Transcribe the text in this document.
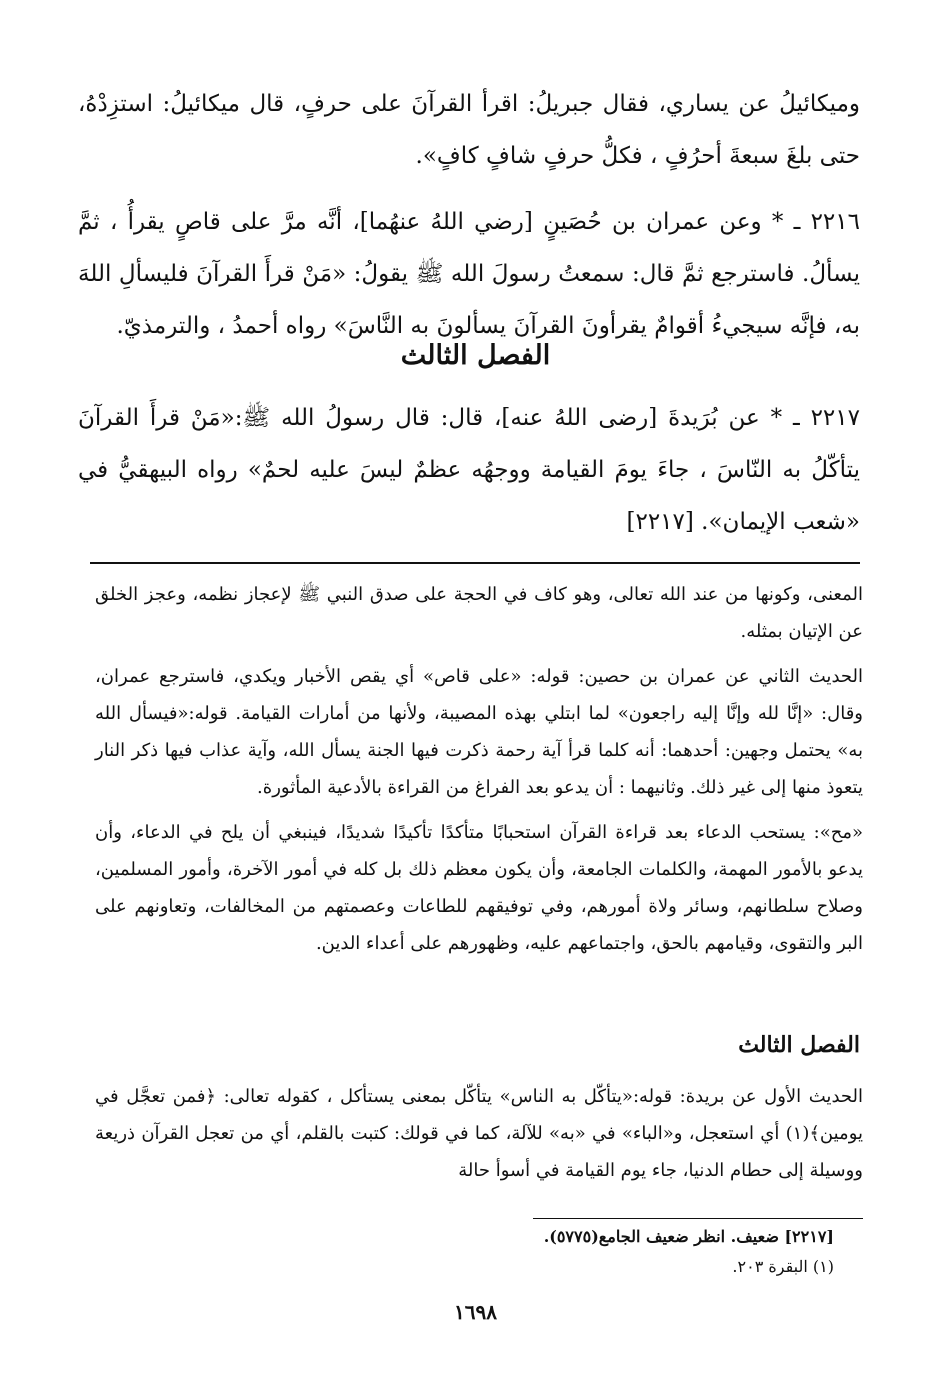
وميكائيلُ عن يساري، فقال جبريلُ: اقرأ القرآنَ على حرفٍ، قال ميكائيلُ: استزِدْهُ، حتى بلغَ سبعةَ أحرُفٍ ، فكلُّ حرفٍ شافٍ كافٍ».

٢٢١٦ ـ * وعن عمران بن حُصَينٍ [رضي اللهُ عنهُما]، أنَّه مرَّ على قاصٍ يقرأُ ، ثمَّ يسألُ. فاسترجع ثمَّ قال: سمعتُ رسولَ الله ﷺ يقولُ: «مَنْ قرأَ القرآنَ فليسألِ اللهَ به، فإنَّه سيجيءُ أقوامٌ يقرأونَ القرآنَ يسألونَ به النَّاسَ» رواه أحمدُ ، والترمذيّ.

الفصل الثالث

٢٢١٧ ـ * عن بُرَيدةَ [رضى اللهُ عنه]، قال: قال رسولُ الله ﷺ:«مَنْ قرأَ القرآنَ يتأكّلُ به النّاسَ ، جاءَ يومَ القيامة ووجهُه عظمٌ ليسَ عليه لحمٌ» رواه البيهقيُّ في «شعب الإيمان». [٢٢١٧]

المعنى، وكونها من عند الله تعالى، وهو كاف في الحجة على صدق النبي ﷺ لإعجاز نظمه، وعجز الخلق عن الإتيان بمثله.

الحديث الثاني عن عمران بن حصين: قوله: «على قاص» أي يقص الأخبار ويكدي، فاسترجع عمران، وقال: «إنَّا لله وإنَّا إليه راجعون» لما ابتلي بهذه المصيبة، ولأنها من أمارات القيامة. قوله:«فيسأل الله به» يحتمل وجهين: أحدهما: أنه كلما قرأ آية رحمة ذكرت فيها الجنة يسأل الله، وآية عذاب فيها ذكر النار يتعوذ منها إلى غير ذلك. وثانيهما : أن يدعو بعد الفراغ من القراءة بالأدعية المأثورة.

«مح»: يستحب الدعاء بعد قراءة القرآن استحبابًا متأكدًا تأكيدًا شديدًا، فينبغي أن يلح في الدعاء، وأن يدعو بالأمور المهمة، والكلمات الجامعة، وأن يكون معظم ذلك بل كله في أمور الآخرة، وأمور المسلمين، وصلاح سلطانهم، وسائر ولاة أمورهم، وفي توفيقهم للطاعات وعصمتهم من المخالفات، وتعاونهم على البر والتقوى، وقيامهم بالحق، واجتماعهم عليه، وظهورهم على أعداء الدين.

الفصل الثالث

الحديث الأول عن بريدة: قوله:«يتأكّل به الناس» يتأكّل بمعنى يستأكل ، كقوله تعالى: ﴿فمن تعجَّل في يومين﴾(١) أي استعجل، و«الباء» في «به» للآلة، كما في قولك: كتبت بالقلم، أي من تعجل القرآن ذريعة ووسيلة إلى حطام الدنيا، جاء يوم القيامة في أسوأ حالة

[٢٢١٧] ضعيف. انظر ضعيف الجامع(٥٧٧٥).
(١) البقرة ٢٠٣.
١٦٩٨
